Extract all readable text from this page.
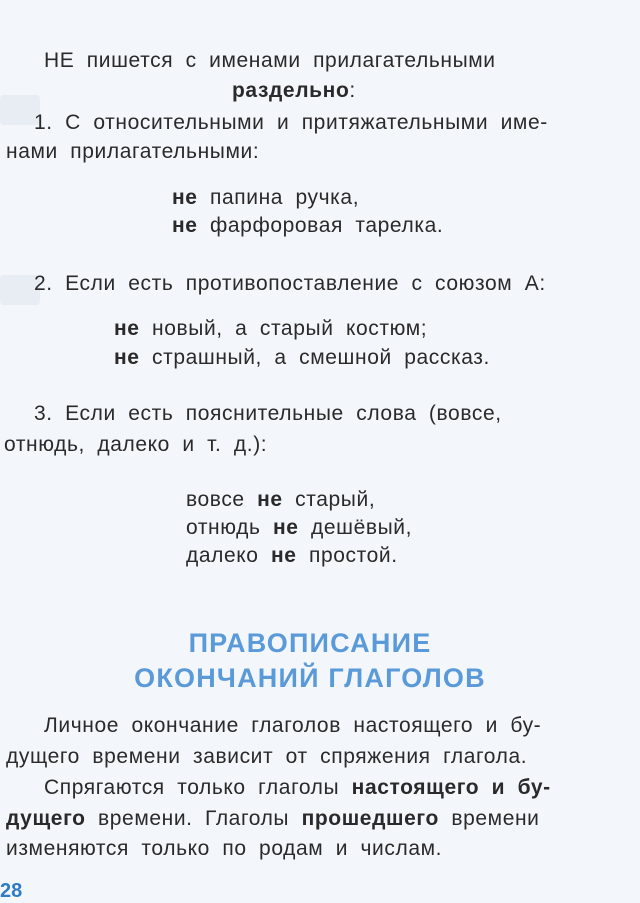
НЕ пишется с именами прилагательными
раздельно:
1. С относительными и притяжательными име-
нами прилагательными:
не папина ручка,
не фарфоровая тарелка.
2. Если есть противопоставление с союзом А:
не новый, а старый костюм;
не страшный, а смешной рассказ.
3. Если есть пояснительные слова (вовсе,
отнюдь, далеко и т. д.):
вовсе не старый,
отнюдь не дешёвый,
далеко не простой.
ПРАВОПИСАНИЕ
ОКОНЧАНИЙ ГЛАГОЛОВ
Личное окончание глаголов настоящего и бу-
дущего времени зависит от спряжения глагола.
Спрягаются только глаголы настоящего и бу-
дущего времени. Глаголы прошедшего времени
изменяются только по родам и числам.
28
